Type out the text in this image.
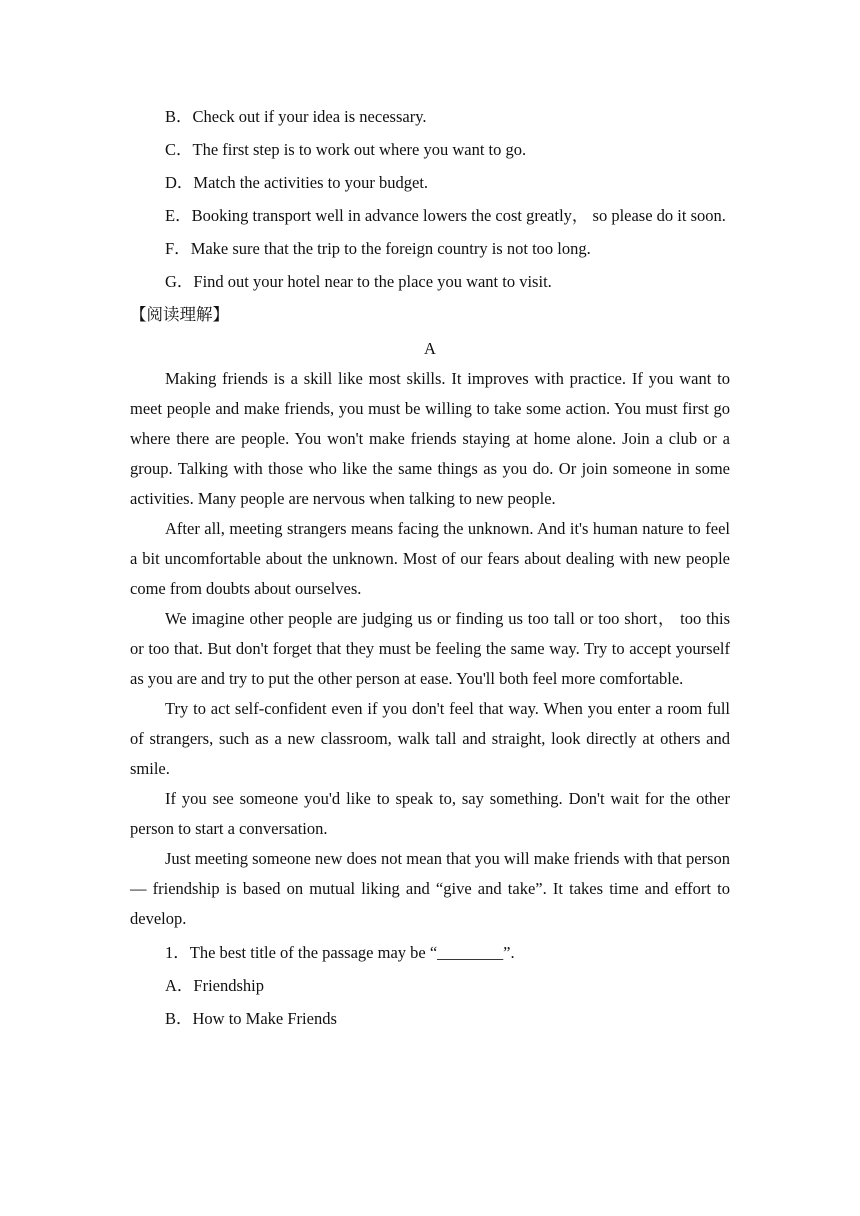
B．Check out if your idea is necessary.

C．The first step is to work out where you want to go.

D．Match the activities to your budget.

E．Booking transport well in advance lowers the cost greatly， so please do it soon.

F．Make sure that the trip to the foreign country is not too long.

G．Find out your hotel near to the place you want to visit.

【阅读理解】

A

Making friends is a skill like most skills. It improves with practice. If you want to meet people and make friends, you must be willing to take some action. You must first go where there are people. You won't make friends staying at home alone. Join a club or a group. Talking with those who like the same things as you do. Or join someone in some activities. Many people are nervous when talking to new people.

After all, meeting strangers means facing the unknown. And it's human nature to feel a bit uncomfortable about the unknown. Most of our fears about dealing with new people come from doubts about ourselves.

We imagine other people are judging us or finding us too tall or too short， too this or too that. But don't forget that they must be feeling the same way. Try to accept yourself as you are and try to put the other person at ease. You'll both feel more comfortable.

Try to act self-confident even if you don't feel that way. When you enter a room full of strangers, such as a new classroom, walk tall and straight, look directly at others and smile.

If you see someone you'd like to speak to, say something. Don't wait for the other person to start a conversation.

Just meeting someone new does not mean that you will make friends with that person — friendship is based on mutual liking and “give and take”. It takes time and effort to develop.

1．The best title of the passage may be “________”.

A．Friendship

B．How to Make Friends
